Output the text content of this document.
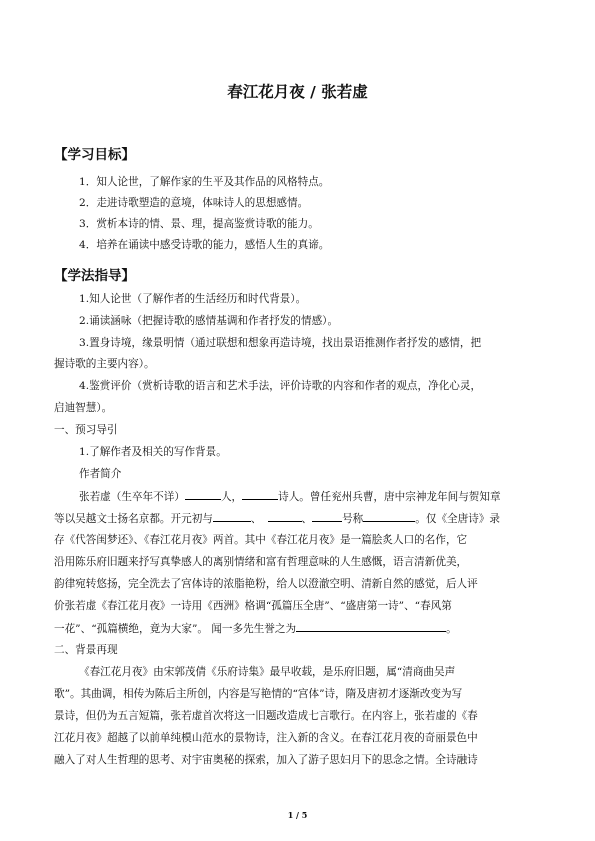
春江花月夜 / 张若虚
【学习目标】
1．知人论世，了解作家的生平及其作品的风格特点。
2．走进诗歌塑造的意境，体味诗人的思想感情。
3．赏析本诗的情、景、理，提高鉴赏诗歌的能力。
4．培养在诵读中感受诗歌的能力，感悟人生的真谛。
【学法指导】
1.知人论世（了解作者的生活经历和时代背景）。
2.诵读涵咏（把握诗歌的感情基调和作者抒发的情感）。
3.置身诗境，缘景明情（通过联想和想象再造诗境，找出景语推测作者抒发的感情，把
握诗歌的主要内容）。
4.鉴赏评价（赏析诗歌的语言和艺术手法，评价诗歌的内容和作者的观点，净化心灵，
启迪智慧）。
一、预习导引
1.了解作者及相关的写作背景。
作者简介
张若虚（生卒年不详）	人，	诗人。曾任兖州兵曹，唐中宗神龙年间与贺知章
等以吴越文士扬名京都。开元初与	、	、	号称	。仅《全唐诗》录
存《代答闺梦还》、《春江花月夜》两首。其中《春江花月夜》是一篇脍炙人口的名作，它
沿用陈乐府旧题来抒写真挚感人的离别情绪和富有哲理意味的人生感慨，语言清新优美，
韵律宛转悠扬，完全洗去了宫体诗的浓脂艳粉，给人以澄澈空明、清新自然的感觉，后人评
价张若虚《春江花月夜》一诗用《西洲》格调“孤篇压全唐”、“盛唐第一诗”、“春风第
一花”、“孤篇横绝，竟为大家”。 闻一多先生誉之为	。
二、背景再现
《春江花月夜》由宋郭茂倩《乐府诗集》最早收载，是乐府旧题，属“清商曲吴声
歌”。其曲调，相传为陈后主所创，内容是写艳情的“宫体”诗，隋及唐初才逐渐改变为写
景诗，但仍为五言短篇，张若虚首次将这一旧题改造成七言歌行。在内容上，张若虚的《春
江花月夜》超越了以前单纯模山范水的景物诗，注入新的含义。在春江花月夜的奇丽景色中
融入了对人生哲理的思考、对宇宙奥秘的探索，加入了游子思妇月下的思念之情。全诗融诗
1 / 5
